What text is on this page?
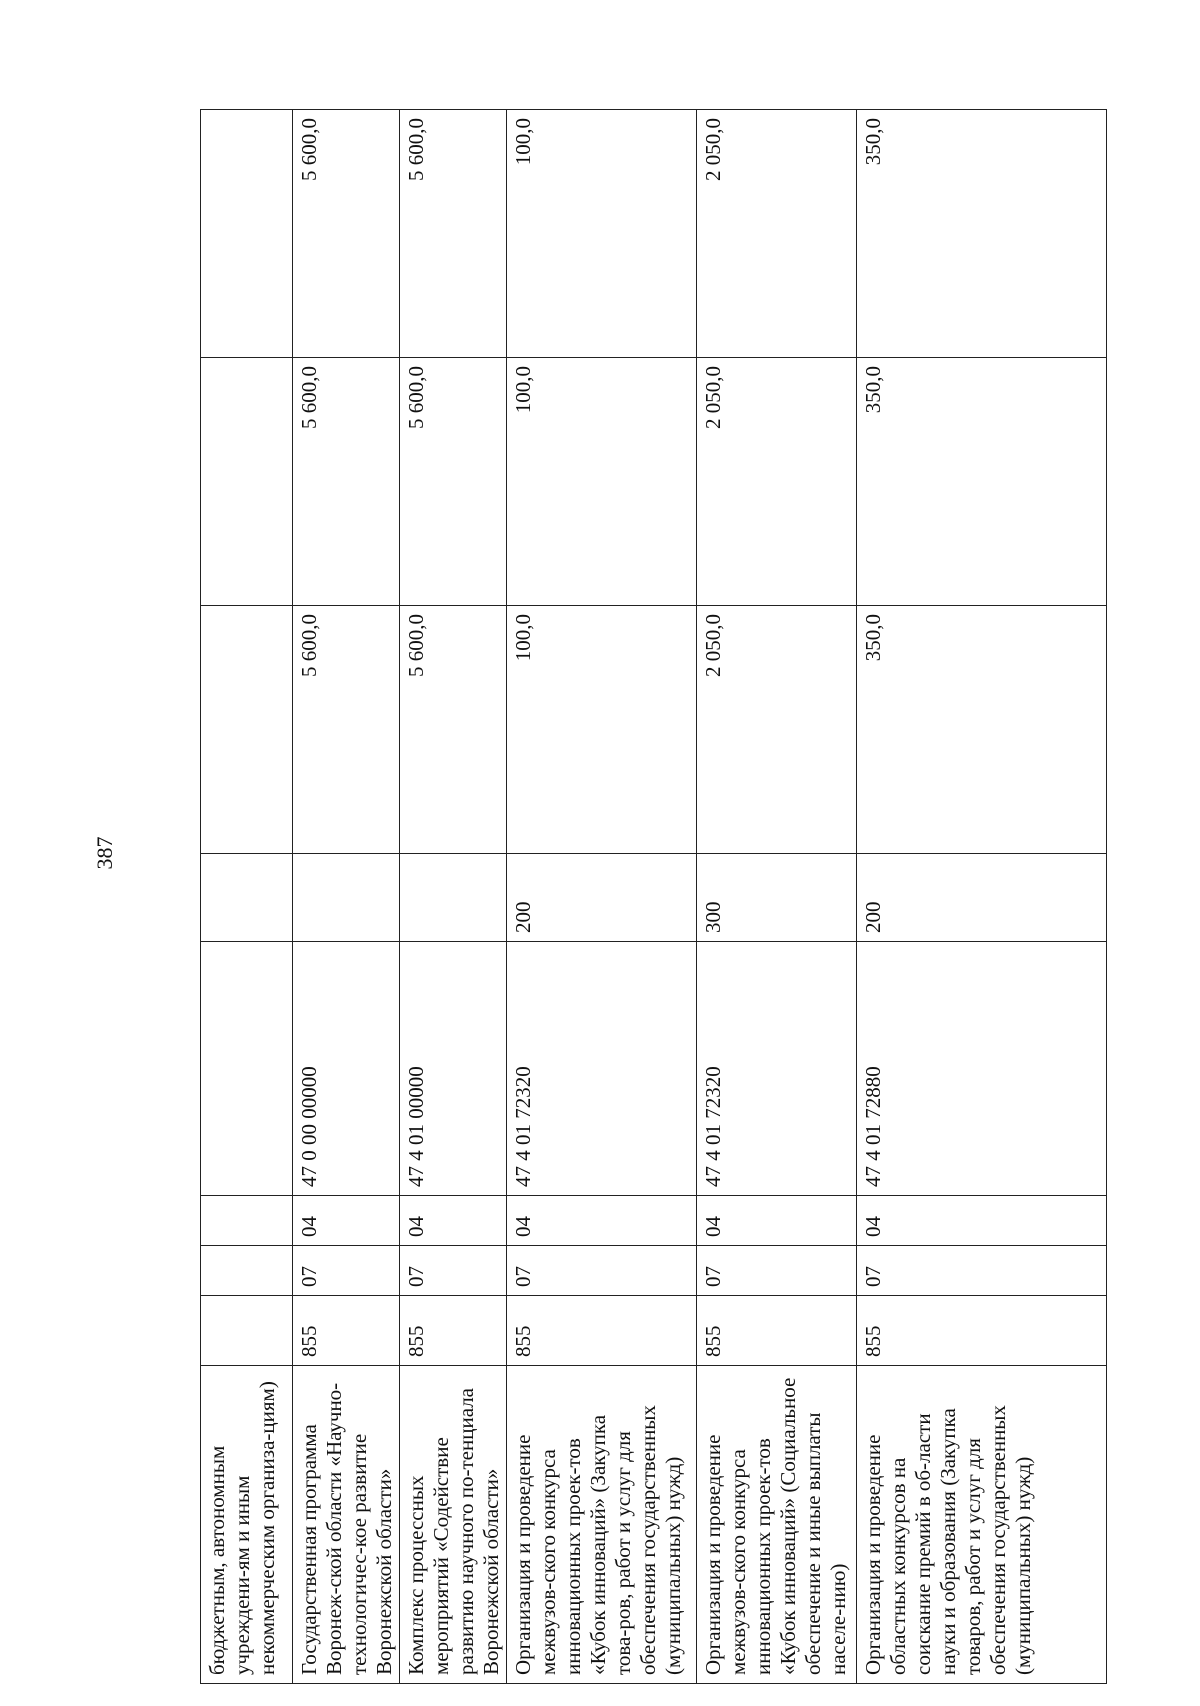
387
бюджетным, автономным учреждени-ям и иным некоммерческим организа-циям)								
Государственная программа Воронеж-ской области «Научно-технологичес-кое развитие Воронежской области»	855	07	04	47 0 00 00000		5 600,0	5 600,0	5 600,0
Комплекс процессных мероприятий «Содействие развитию научного по-тенциала Воронежской области»	855	07	04	47 4 01 00000		5 600,0	5 600,0	5 600,0
Организация и проведение межвузов-ского конкурса инновационных проек-тов «Кубок инноваций» (Закупка това-ров, работ и услуг для обеспечения государственных (муниципальных) нужд)	855	07	04	47 4 01 72320	200	100,0	100,0	100,0
Организация и проведение межвузов-ского конкурса инновационных проек-тов «Кубок инноваций» (Социальное обеспечение и иные выплаты населе-нию)	855	07	04	47 4 01 72320	300	2 050,0	2 050,0	2 050,0
Организация и проведение областных конкурсов на соискание премий в об-ласти науки и образования (Закупка товаров, работ и услуг для обеспечения государственных (муниципальных) нужд)	855	07	04	47 4 01 72880	200	350,0	350,0	350,0
